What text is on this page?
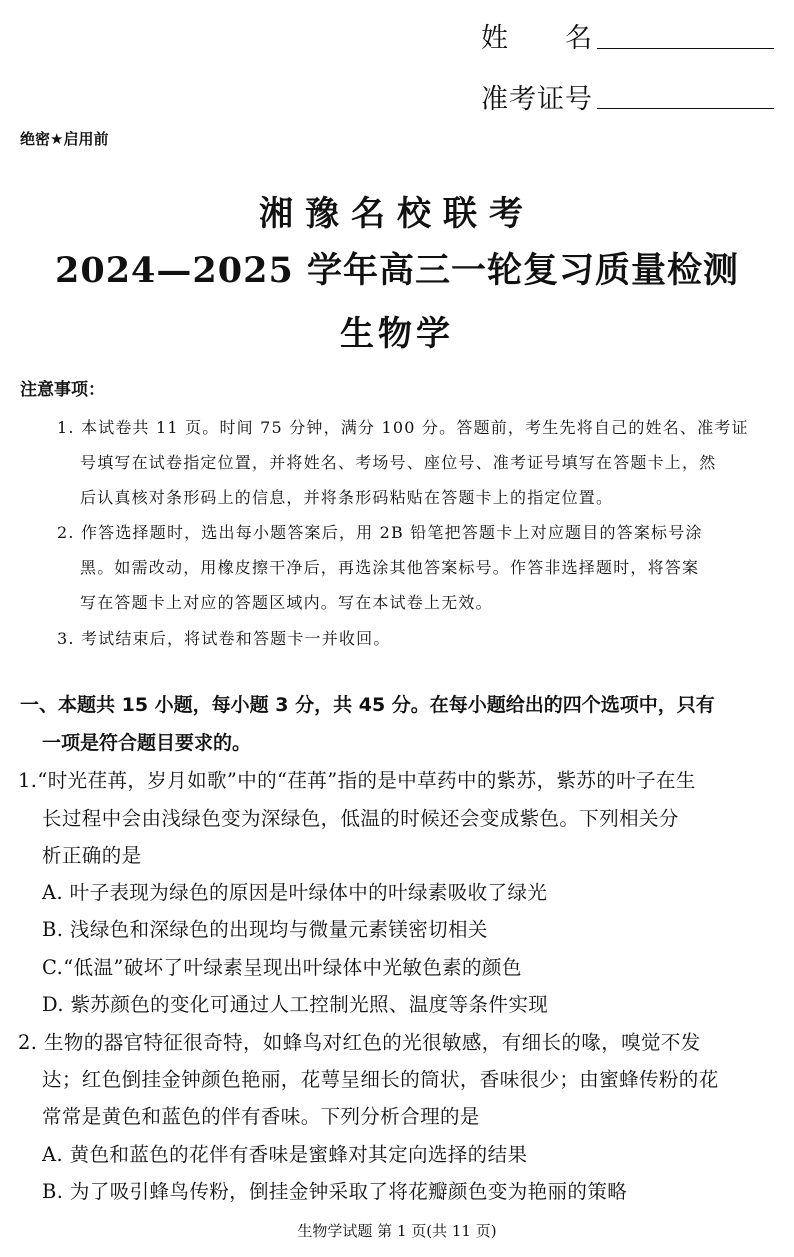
姓　　名
准考证号
绝密★启用前
湘豫名校联考
2024—2025 学年高三一轮复习质量检测
生物学
注意事项：
1. 本试卷共 11 页。时间 75 分钟，满分 100 分。答题前，考生先将自己的姓名、准考证
号填写在试卷指定位置，并将姓名、考场号、座位号、准考证号填写在答题卡上，然
后认真核对条形码上的信息，并将条形码粘贴在答题卡上的指定位置。
2. 作答选择题时，选出每小题答案后，用 2B 铅笔把答题卡上对应题目的答案标号涂
黑。如需改动，用橡皮擦干净后，再选涂其他答案标号。作答非选择题时，将答案
写在答题卡上对应的答题区域内。写在本试卷上无效。
3. 考试结束后，将试卷和答题卡一并收回。
一、本题共 15 小题，每小题 3 分，共 45 分。在每小题给出的四个选项中，只有
一项是符合题目要求的。
1.“时光荏苒，岁月如歌”中的“荏苒”指的是中草药中的紫苏，紫苏的叶子在生
长过程中会由浅绿色变为深绿色，低温的时候还会变成紫色。下列相关分
析正确的是
A. 叶子表现为绿色的原因是叶绿体中的叶绿素吸收了绿光
B. 浅绿色和深绿色的出现均与微量元素镁密切相关
C.“低温”破坏了叶绿素呈现出叶绿体中光敏色素的颜色
D. 紫苏颜色的变化可通过人工控制光照、温度等条件实现
2. 生物的器官特征很奇特，如蜂鸟对红色的光很敏感，有细长的喙，嗅觉不发
达；红色倒挂金钟颜色艳丽，花萼呈细长的筒状，香味很少；由蜜蜂传粉的花
常常是黄色和蓝色的伴有香味。下列分析合理的是
A. 黄色和蓝色的花伴有香味是蜜蜂对其定向选择的结果
B. 为了吸引蜂鸟传粉，倒挂金钟采取了将花瓣颜色变为艳丽的策略
生物学试题 第 1 页(共 11 页)
